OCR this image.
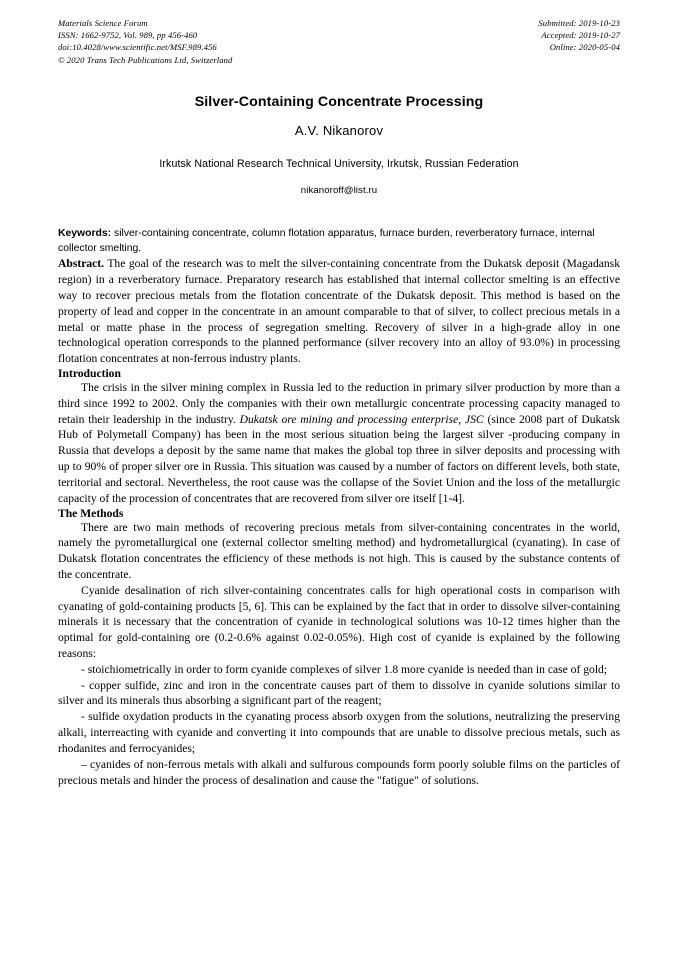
Materials Science Forum
ISSN: 1662-9752, Vol. 989, pp 456-460
doi:10.4028/www.scientific.net/MSF.989.456
© 2020 Trans Tech Publications Ltd, Switzerland
Submitted: 2019-10-23
Accepted: 2019-10-27
Online: 2020-05-04
Silver-Containing Concentrate Processing
A.V. Nikanorov
Irkutsk National Research Technical University, Irkutsk, Russian Federation
nikanoroff@list.ru
Keywords: silver-containing concentrate, column flotation apparatus, furnace burden, reverberatory furnace, internal collector smelting.

Abstract. The goal of the research was to melt the silver-containing concentrate from the Dukatsk deposit (Magadansk region) in a reverberatory furnace. Preparatory research has established that internal collector smelting is an effective way to recover precious metals from the flotation concentrate of the Dukatsk deposit. This method is based on the property of lead and copper in the concentrate in an amount comparable to that of silver, to collect precious metals in a metal or matte phase in the process of segregation smelting. Recovery of silver in a high-grade alloy in one technological operation corresponds to the planned performance (silver recovery into an alloy of 93.0%) in processing flotation concentrates at non-ferrous industry plants.

Introduction

The crisis in the silver mining complex in Russia led to the reduction in primary silver production by more than a third since 1992 to 2002. Only the companies with their own metallurgic concentrate processing capacity managed to retain their leadership in the industry. Dukatsk ore mining and processing enterprise, JSC (since 2008 part of Dukatsk Hub of Polymetall Company) has been in the most serious situation being the largest silver -producing company in Russia that develops a deposit by the same name that makes the global top three in silver deposits and processing with up to 90% of proper silver ore in Russia. This situation was caused by a number of factors on different levels, both state, territorial and sectoral. Nevertheless, the root cause was the collapse of the Soviet Union and the loss of the metallurgic capacity of the procession of concentrates that are recovered from silver ore itself [1-4].

The Methods

There are two main methods of recovering precious metals from silver-containing concentrates in the world, namely the pyrometallurgical one (external collector smelting method) and hydrometallurgical (cyanating). In case of Dukatsk flotation concentrates the efficiency of these methods is not high. This is caused by the substance contents of the concentrate.

Cyanide desalination of rich silver-containing concentrates calls for high operational costs in comparison with cyanating of gold-containing products [5, 6]. This can be explained by the fact that in order to dissolve silver-containing minerals it is necessary that the concentration of cyanide in technological solutions was 10-12 times higher than the optimal for gold-containing ore (0.2-0.6% against 0.02-0.05%). High cost of cyanide is explained by the following reasons:

- stoichiometrically in order to form cyanide complexes of silver 1.8 more cyanide is needed than in case of gold;

- copper sulfide, zinc and iron in the concentrate causes part of them to dissolve in cyanide solutions similar to silver and its minerals thus absorbing a significant part of the reagent;

- sulfide oxydation products in the cyanating process absorb oxygen from the solutions, neutralizing the preserving alkali, interreacting with cyanide and converting it into compounds that are unable to dissolve precious metals, such as rhodanites and ferrocyanides;

– cyanides of non-ferrous metals with alkali and sulfurous compounds form poorly soluble films on the particles of precious metals and hinder the process of desalination and cause the "fatigue" of solutions.
